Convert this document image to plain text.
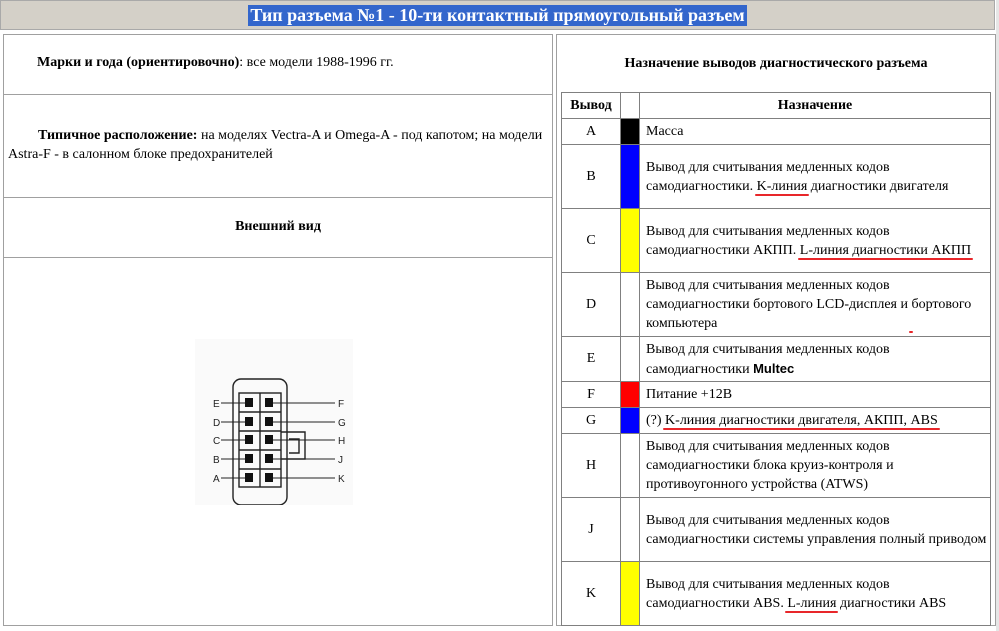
Тип разъема №1 - 10-ти контактный прямоугольный разъем
Марки и года (ориентировочно): все модели 1988-1996 гг.
Типичное расположение: на моделях Vectra-A и Omega-A - под капотом; на модели Astra-F - в салонном блоке предохранителей
Внешний вид
E
D
C
B
A
F
G
H
J
K
Назначение выводов диагностического разъема
Вывод		Назначение
A		Масса
B		Вывод для считывания медленных кодов самодиагностики. K-линия диагностики двигателя
C		Вывод для считывания медленных кодов самодиагностики АКПП. L-линия диагностики АКПП
D		Вывод для считывания медленных кодов самодиагностики бортового LCD-дисплея и бортового компьютера
E		Вывод для считывания медленных кодов самодиагностики Multec
F		Питание +12В
G		(?) K-линия диагностики двигателя, АКПП, ABS
H		Вывод для считывания медленных кодов самодиагностики блока круиз-контроля и противоугонного устройства (ATWS)
J		Вывод для считывания медленных кодов самодиагностики системы управления полный приводом
K		Вывод для считывания медленных кодов самодиагностики ABS. L-линия диагностики ABS
